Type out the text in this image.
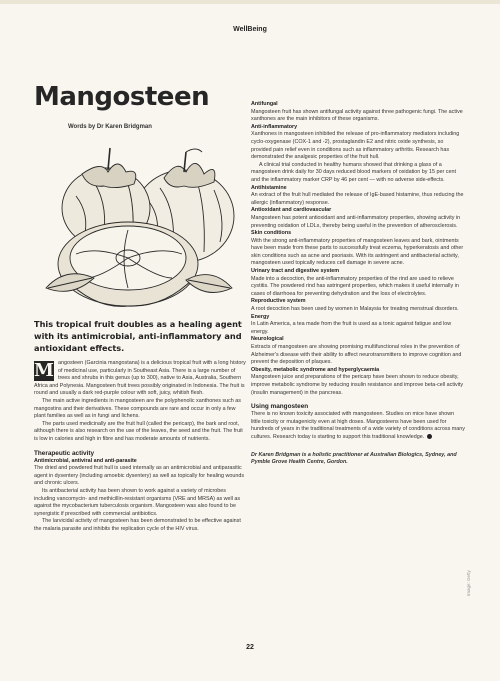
WellBeing
Mangosteen
Words by Dr Karen Bridgman
This tropical fruit doubles as a healing agent with its antimicrobial, anti-inflammatory and antioxidant effects.

M angosteen (Garcinia mangostana) is a delicious tropical fruit with a long history of medicinal use, particularly in Southeast Asia. There is a large number of trees and shrubs in this genus (up to 300), native to Asia, Australia, Southern Africa and Polynesia. Mangosteen fruit trees possibly originated in Indonesia. The fruit is round and usually a dark red-purple colour with soft, juicy, whitish flesh.

The main active ingredients in mangosteen are the polyphenolic xanthones such as mangostins and their derivatives. These compounds are rare and occur in only a few plant families as well as in fungi and lichens.

The parts used medicinally are the fruit hull (called the pericarp), the bark and root, although there is also research on the use of the leaves, the seed and the fruit. The fruit is low in calories and high in fibre and has moderate amounts of nutrients.

Therapeutic activity

Antimicrobial, antiviral and anti-parasite

The dried and powdered fruit hull is used internally as an antimicrobial and antiparasitic agent in dysentery (including amoebic dysentery) as well as topically for healing wounds and chronic ulcers.

Its antibacterial activity has been shown to work against a variety of microbes including vancomycin- and methicillin-resistant organisms (VRE and MRSA) as well as against the mycobacterium tuberculosis organism. Mangosteen was also found to be synergistic if prescribed with commercial antibiotics.

The larvicidal activity of mangosteen has been demonstrated to be effective against the malaria parasite and inhibits the replication cycle of the HIV virus.

Antifungal

Mangosteen fruit has shown antifungal activity against three pathogenic fungi. The active xanthones are the main inhibitors of these organisms.

Anti-inflammatory

Xanthones in mangosteen inhibited the release of pro-inflammatory mediators including cyclo-oxygenase (COX-1 and -2), prostaglandin E2 and nitric oxide synthesis, so provided pain relief even in conditions such as inflammatory arthritis. Research has demonstrated the analgesic properties of the fruit hull.

A clinical trial conducted in healthy humans showed that drinking a glass of a mangosteen drink daily for 30 days reduced blood markers of oxidation by 15 per cent and the inflammatory marker CRP by 46 per cent — with no adverse side-effects.

Antihistamine

An extract of the fruit hull mediated the release of IgE-based histamine, thus reducing the allergic (inflammatory) response.

Antioxidant and cardiovascular

Mangosteen has potent antioxidant and anti-inflammatory properties, showing activity in preventing oxidation of LDLs, thereby being useful in the prevention of atherosclerosis.

Skin conditions

With the strong anti-inflammatory properties of mangosteen leaves and bark, ointments have been made from these parts to successfully treat eczema, hyperkeratosis and other skin conditions such as acne and psoriasis. With its astringent and antibacterial activity, mangosteen used topically reduces cell damage in severe acne.

Urinary tract and digestive system

Made into a decoction, the anti-inflammatory properties of the rind are used to relieve cystitis. The powdered rind has astringent properties, which makes it useful internally in cases of diarrhoea for preventing dehydration and the loss of electrolytes.

Reproductive system

A root decoction has been used by women in Malaysia for treating menstrual disorders.

Energy

In Latin America, a tea made from the fruit is used as a tonic against fatigue and low energy.

Neurological

Extracts of mangosteen are showing promising multifunctional roles in the prevention of Alzheimer's disease with their ability to affect neurotransmitters to improve cognition and prevent the deposition of plaques.

Obesity, metabolic syndrome and hyperglycaemia

Mangosteen juice and preparations of the pericarp have been shown to reduce obesity, improve metabolic syndrome by reducing insulin resistance and improve beta-cell activity (insulin management) in the pancreas.

Using mangosteen

There is no known toxicity associated with mangosteen. Studies on mice have shown little toxicity or mutagenicity even at high doses. Mangosteens have been used for hundreds of years in the traditional treatments of a wide variety of conditions across many cultures. Research today is starting to support this traditional knowledge.

Dr Karen Bridgman is a holistic practitioner at Australian Biologics, Sydney, and Pymble Grove Health Centre, Gordon.

Image: Getty
22
